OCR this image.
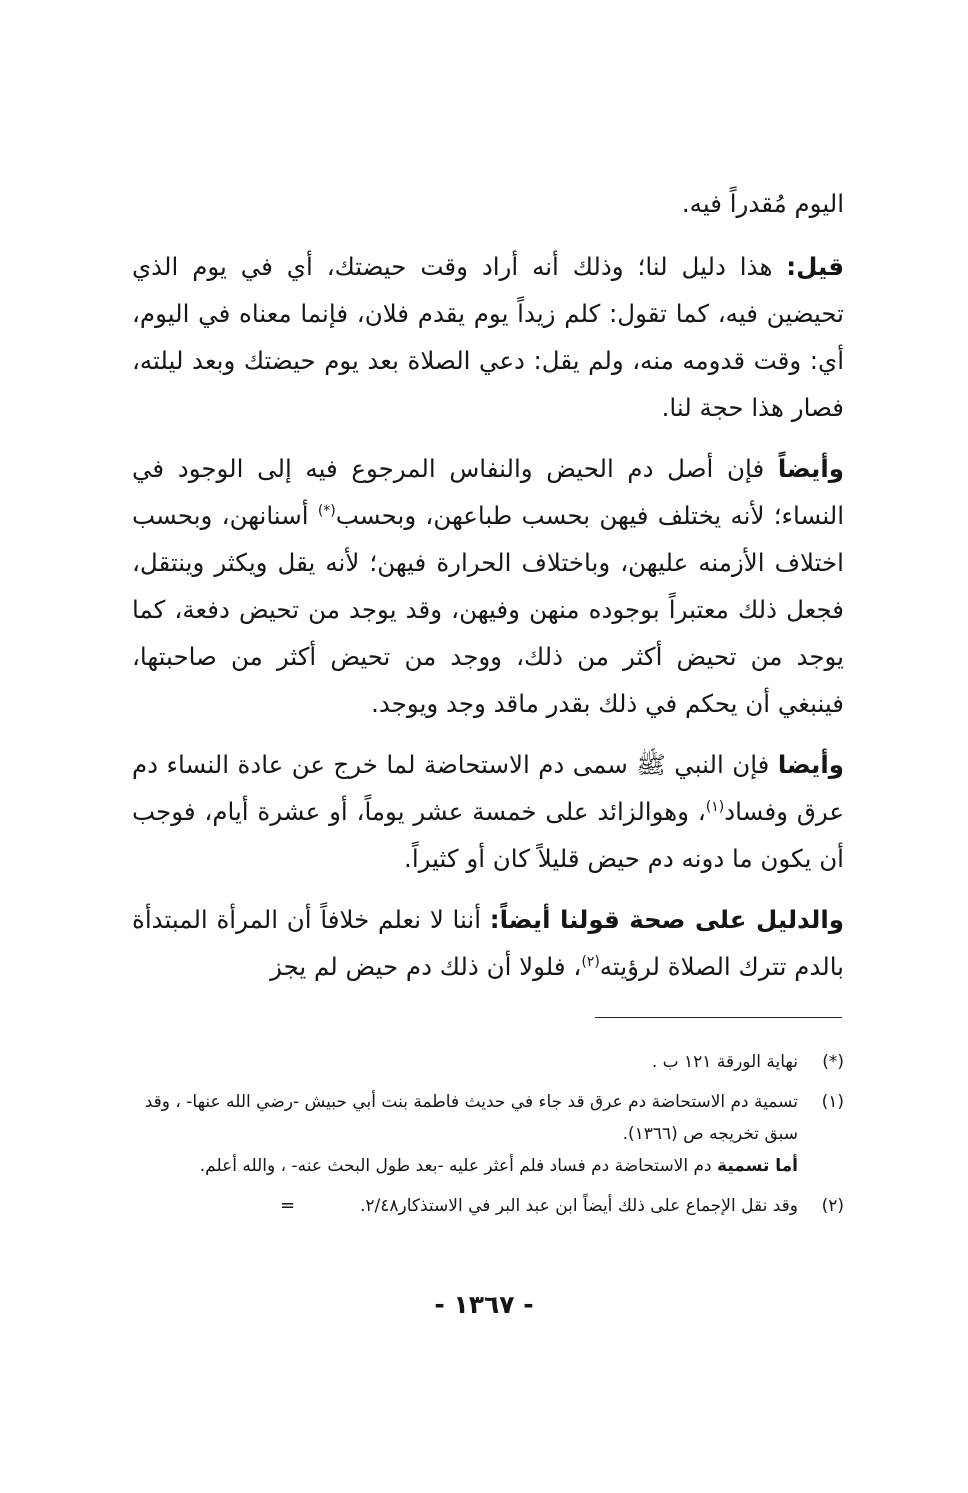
اليوم مُقدراً فيه.

قيل: هذا دليل لنا؛ وذلك أنه أراد وقت حيضتك، أي في يوم الذي تحيضين فيه، كما تقول: كلم زيداً يوم يقدم فلان، فإنما معناه في اليوم، أي: وقت قدومه منه، ولم يقل: دعي الصلاة بعد يوم حيضتك وبعد ليلته، فصار هذا حجة لنا.

وأيضاً فإن أصل دم الحيض والنفاس المرجوع فيه إلى الوجود في النساء؛ لأنه يختلف فيهن بحسب طباعهن، وبحسب(*) أسنانهن، وبحسب اختلاف الأزمنه عليهن، وباختلاف الحرارة فيهن؛ لأنه يقل ويكثر وينتقل، فجعل ذلك معتبراً بوجوده منهن وفيهن، وقد يوجد من تحيض دفعة، كما يوجد من تحيض أكثر من ذلك، ووجد من تحيض أكثر من صاحبتها، فينبغي أن يحكم في ذلك بقدر ماقد وجد ويوجد.

وأيضا فإن النبي ﷺ سمى دم الاستحاضة لما خرج عن عادة النساء دم عرق وفساد$^{(١)}$، وهوالزائد على خمسة عشر يوماً، أو عشرة أيام، فوجب أن يكون ما دونه دم حيض قليلاً كان أو كثيراً.

والدليل على صحة قولنا أيضاً: أننا لا نعلم خلافاً أن المرأة المبتدأة بالدم تترك الصلاة لرؤيته$^{(٢)}$، فلولا أن ذلك دم حيض لم يجز

(*)
نهاية الورقة ١٢١ ب .
(١)
تسمية دم الاستحاضة دم عرق قد جاء في حديث فاطمة بنت أبي حبيش -رضي الله عنها- ، وقد سبق تخريجه ص (١٣٦٦).
أما تسمية دم الاستحاضة دم فساد فلم أعثر عليه -بعد طول البحث عنه- ، والله أعلم.
(٢)
وقد نقل الإجماع على ذلك أيضاً ابن عبد البر في الاستذكار٢/٤٨.
=
- ١٣٦٧ -
